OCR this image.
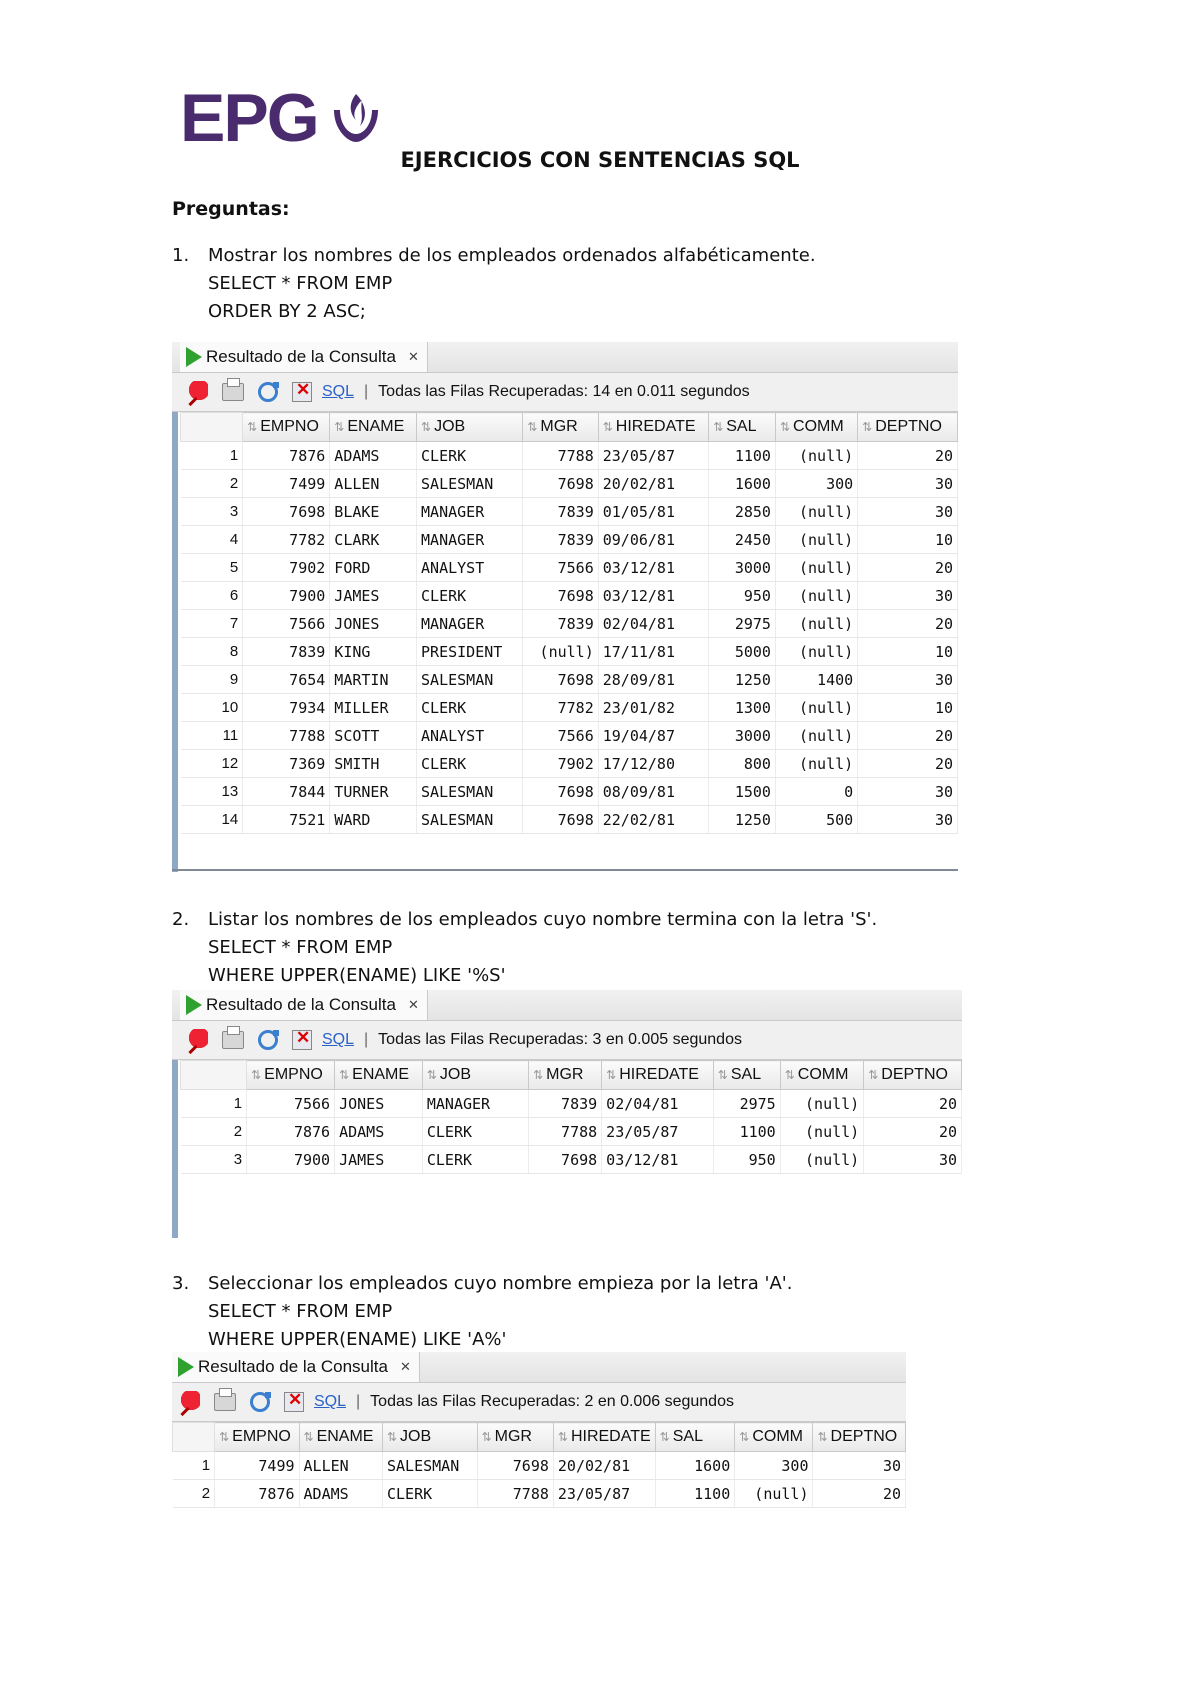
EPG
EJERCICIOS CON SENTENCIAS SQL
Preguntas:
1. Mostrar los nombres de los empleados ordenados alfabéticamente.
SELECT * FROM EMP
ORDER BY 2 ASC;
Resultado de la Consulta ✕
✕
SQL | Todas las Filas Recuperadas: 14 en 0.011 segundos
	⇅ EMPNO	⇅ ENAME	⇅ JOB	⇅ MGR	⇅ HIREDATE	⇅ SAL	⇅ COMM	⇅ DEPTNO
1	7876	ADAMS	CLERK	7788	23/05/87	1100	(null)	20
2	7499	ALLEN	SALESMAN	7698	20/02/81	1600	300	30
3	7698	BLAKE	MANAGER	7839	01/05/81	2850	(null)	30
4	7782	CLARK	MANAGER	7839	09/06/81	2450	(null)	10
5	7902	FORD	ANALYST	7566	03/12/81	3000	(null)	20
6	7900	JAMES	CLERK	7698	03/12/81	950	(null)	30
7	7566	JONES	MANAGER	7839	02/04/81	2975	(null)	20
8	7839	KING	PRESIDENT	(null)	17/11/81	5000	(null)	10
9	7654	MARTIN	SALESMAN	7698	28/09/81	1250	1400	30
10	7934	MILLER	CLERK	7782	23/01/82	1300	(null)	10
11	7788	SCOTT	ANALYST	7566	19/04/87	3000	(null)	20
12	7369	SMITH	CLERK	7902	17/12/80	800	(null)	20
13	7844	TURNER	SALESMAN	7698	08/09/81	1500	0	30
14	7521	WARD	SALESMAN	7698	22/02/81	1250	500	30
2. Listar los nombres de los empleados cuyo nombre termina con la letra 'S'.
SELECT * FROM EMP
WHERE UPPER(ENAME) LIKE '%S'
Resultado de la Consulta ✕
✕
SQL | Todas las Filas Recuperadas: 3 en 0.005 segundos
	⇅ EMPNO	⇅ ENAME	⇅ JOB	⇅ MGR	⇅ HIREDATE	⇅ SAL	⇅ COMM	⇅ DEPTNO
1	7566	JONES	MANAGER	7839	02/04/81	2975	(null)	20
2	7876	ADAMS	CLERK	7788	23/05/87	1100	(null)	20
3	7900	JAMES	CLERK	7698	03/12/81	950	(null)	30
3. Seleccionar los empleados cuyo nombre empieza por la letra 'A'.
SELECT * FROM EMP
WHERE UPPER(ENAME) LIKE 'A%'
Resultado de la Consulta ✕
✕
SQL | Todas las Filas Recuperadas: 2 en 0.006 segundos
	⇅ EMPNO	⇅ ENAME	⇅ JOB	⇅ MGR	⇅ HIREDATE	⇅ SAL	⇅ COMM	⇅ DEPTNO
1	7499	ALLEN	SALESMAN	7698	20/02/81	1600	300	30
2	7876	ADAMS	CLERK	7788	23/05/87	1100	(null)	20
